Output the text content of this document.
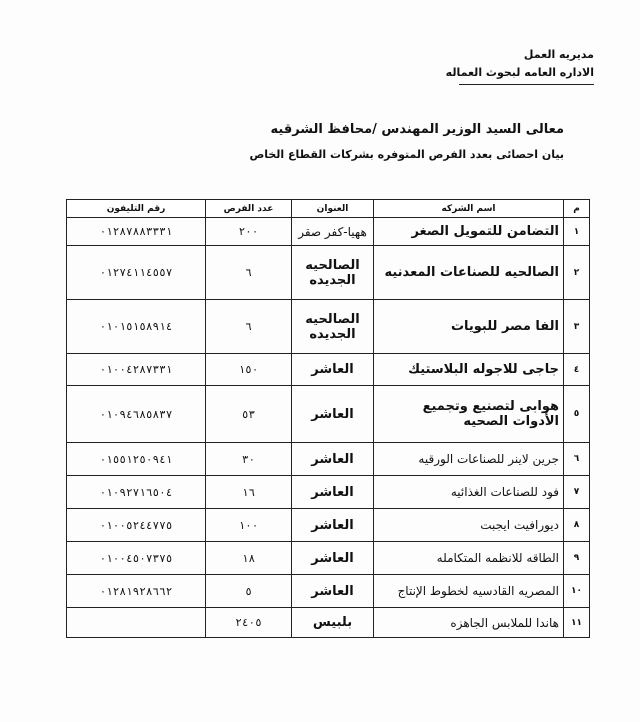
مديريه العمل
الاداره العامه لبحوث العماله
معالى السيد الوزير المهندس /محافظ الشرقيه
بيان احصائى بعدد الفرص المتوفره بشركات القطاع الخاص
م	اسم الشركه	العنوان	عدد الفرص	رقم التليفون
١	التضامن للتمويل الصغر	ههيا-كفر صقر	٢٠٠	٠١٢٨٧٨٨٣٣٣١
٢	الصالحيه للصناعات المعدنيه	الصالحيه الجديده	٦	٠١٢٧٤١١٤٥٥٧
٣	الفا مصر للبويات	الصالحيه الجديده	٦	٠١٠١٥١٥٨٩١٤
٤	جاجى للاجوله البلاستيك	العاشر	١٥٠	٠١٠٠٤٢٨٧٣٣١
٥	هوابى لتصنيع وتجميع الأدوات الصحيه	العاشر	٥٣	٠١٠٩٤٦٨٥٨٣٧
٦	جرين لاينر للصناعات الورقيه	العاشر	٣٠	٠١٥٥١٢٥٠٩٤١
٧	فود للصناعات الغذائيه	العاشر	١٦	٠١٠٩٢٧١٦٥٠٤
٨	ديورافيت ايجبت	العاشر	١٠٠	٠١٠٠٥٢٤٤٧٧٥
٩	الطاقه للانظمه المتكامله	العاشر	١٨	٠١٠٠٤٥٠٧٣٧٥
١٠	المصريه القادسيه لخطوط الإنتاج	العاشر	٥	٠١٢٨١٩٢٨٦٦٢
١١	هاندا للملابس الجاهزه	بلبيس	٢٤٠٥	
